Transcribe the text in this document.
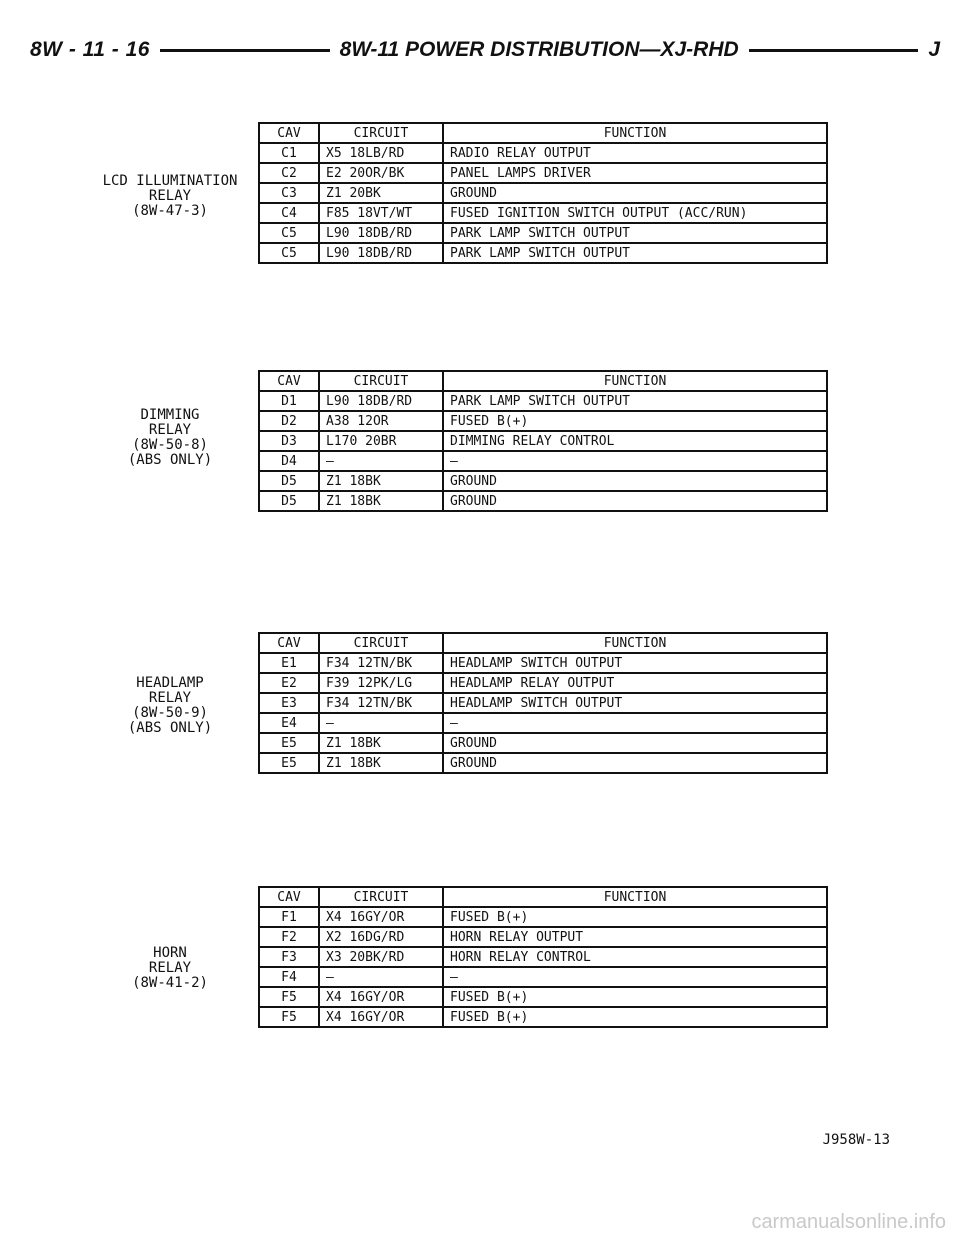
8W - 11 - 16	8W-11 POWER DISTRIBUTION—XJ-RHD	J
LCD ILLUMINATION
RELAY
(8W-47-3)
CAV	CIRCUIT	FUNCTION
C1	X5 18LB/RD	RADIO RELAY OUTPUT
C2	E2 20OR/BK	PANEL LAMPS DRIVER
C3	Z1 20BK	GROUND
C4	F85 18VT/WT	FUSED IGNITION SWITCH OUTPUT (ACC/RUN)
C5	L90 18DB/RD	PARK LAMP SWITCH OUTPUT
C5	L90 18DB/RD	PARK LAMP SWITCH OUTPUT
DIMMING
RELAY
(8W-50-8)
(ABS ONLY)
CAV	CIRCUIT	FUNCTION
D1	L90 18DB/RD	PARK LAMP SWITCH OUTPUT
D2	A38 12OR	FUSED B(+)
D3	L170 20BR	DIMMING RELAY CONTROL
D4	—	—
D5	Z1 18BK	GROUND
D5	Z1 18BK	GROUND
HEADLAMP
RELAY
(8W-50-9)
(ABS ONLY)
CAV	CIRCUIT	FUNCTION
E1	F34 12TN/BK	HEADLAMP SWITCH OUTPUT
E2	F39 12PK/LG	HEADLAMP RELAY OUTPUT
E3	F34 12TN/BK	HEADLAMP SWITCH OUTPUT
E4	—	—
E5	Z1 18BK	GROUND
E5	Z1 18BK	GROUND
HORN
RELAY
(8W-41-2)
CAV	CIRCUIT	FUNCTION
F1	X4 16GY/OR	FUSED B(+)
F2	X2 16DG/RD	HORN RELAY OUTPUT
F3	X3 20BK/RD	HORN RELAY CONTROL
F4	—	—
F5	X4 16GY/OR	FUSED B(+)
F5	X4 16GY/OR	FUSED B(+)
J958W-13
carmanualsonline.info
